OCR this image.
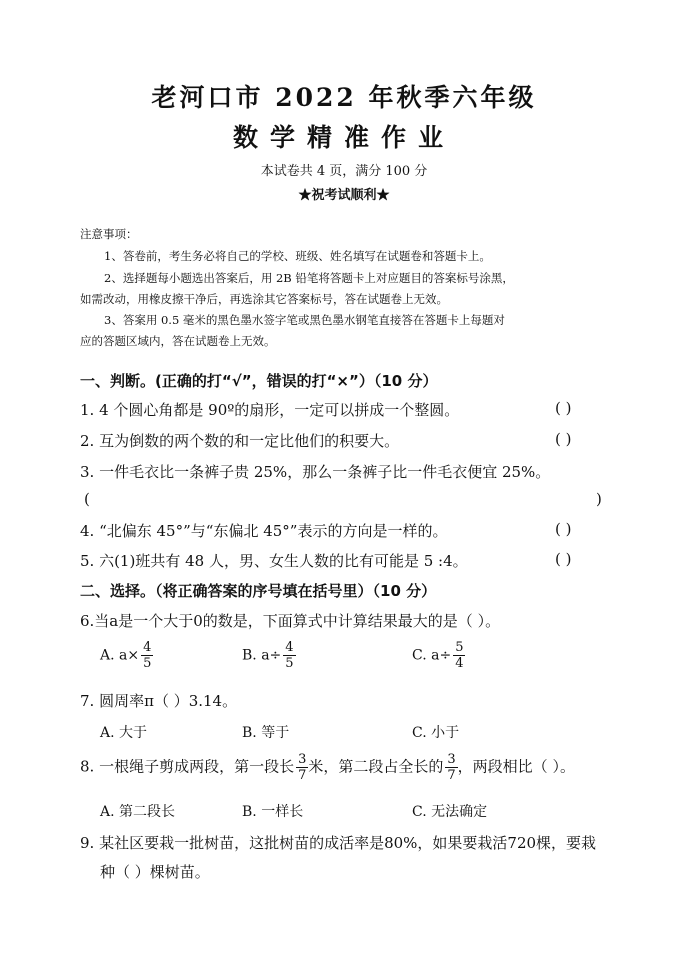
老河口市 2022 年秋季六年级
数学精准作业
本试卷共 4 页，满分 100 分
★祝考试顺利★
注意事项：
1、答卷前，考生务必将自己的学校、班级、姓名填写在试题卷和答题卡上。
2、选择题每小题选出答案后，用 2B 铅笔将答题卡上对应题目的答案标号涂黑，
如需改动，用橡皮擦干净后，再选涂其它答案标号，答在试题卷上无效。
3、答案用 0.5 毫米的黑色墨水签字笔或黑色墨水钢笔直接答在答题卡上每题对
应的答题区域内，答在试题卷上无效。
一、判断。(正确的打“√”，错误的打“×”）（10 分）
1. 4 个圆心角都是 90º的扇形，一定可以拼成一个整圆。	( )
2. 互为倒数的两个数的和一定比他们的积要大。	( )
3. 一件毛衣比一条裤子贵 25%，那么一条裤子比一件毛衣便宜 25%。
(	)
4. “北偏东 45°”与“东偏北 45°”表示的方向是一样的。	( )
5. 六(1)班共有 48 人，男、女生人数的比有可能是 5 :4。	( )
二、选择。（将正确答案的序号填在括号里）（10 分）
6.当a是一个大于0的数是，下面算式中计算结果最大的是（ ）。
A. $a\times \frac{4}{5}$	B. $a\div \frac{4}{5}$	C. $a\div \frac{5}{4}$
7. 圆周率π（ ）3.14。
A. 大于	B. 等于	C. 小于
8. 一根绳子剪成两段，第一段长 $\frac{3}{7}$ 米，第二段占全长的 $\frac{3}{7}$ ，两段相比（ ）。
A. 第二段长	B. 一样长	C. 无法确定
9. 某社区要栽一批树苗，这批树苗的成活率是80%，如果要栽活720棵，要栽
种（ ）棵树苗。
